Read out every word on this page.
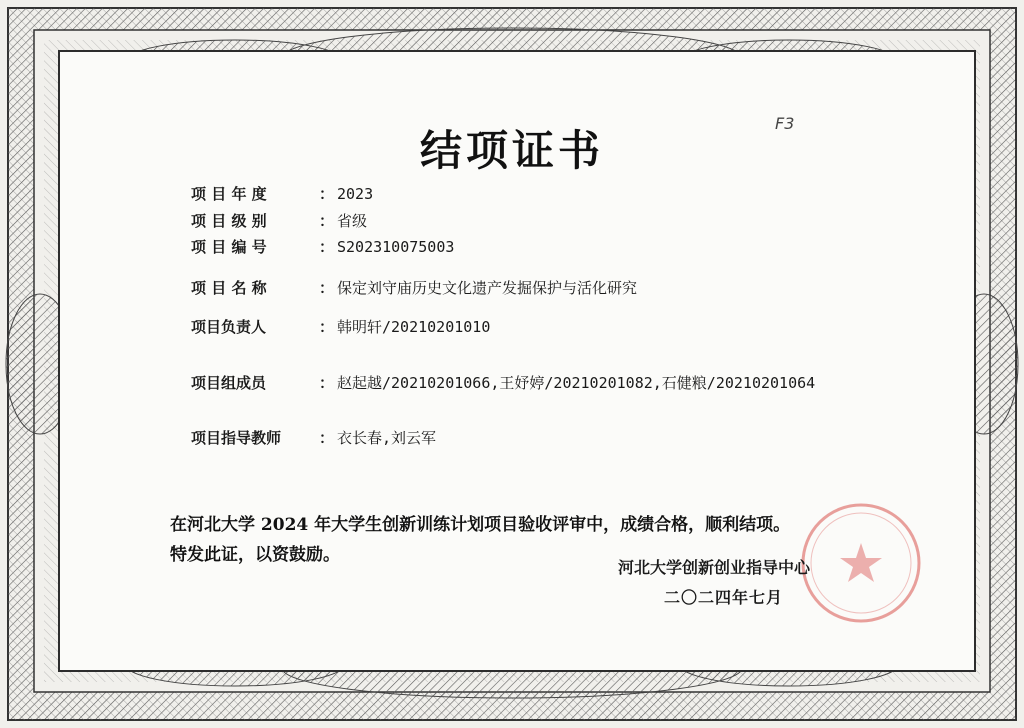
结项证书
F3
项 目 年 度	： 2023
项 目 级 别	： 省级
项 目 编 号	： S202310075003
项 目 名 称	： 保定刘守庙历史文化遗产发掘保护与活化研究
项目负责人	： 韩明轩/20210201010
项目组成员	： 赵起越/20210201066,王妤婷/20210201082,石健粮/20210201064
项目指导教师	： 衣长春,刘云军
在河北大学 2024 年大学生创新训练计划项目验收评审中，成绩合格，顺利结项。
特发此证，以资鼓励。
河北大学创新创业指导中心
二〇二四年七月
